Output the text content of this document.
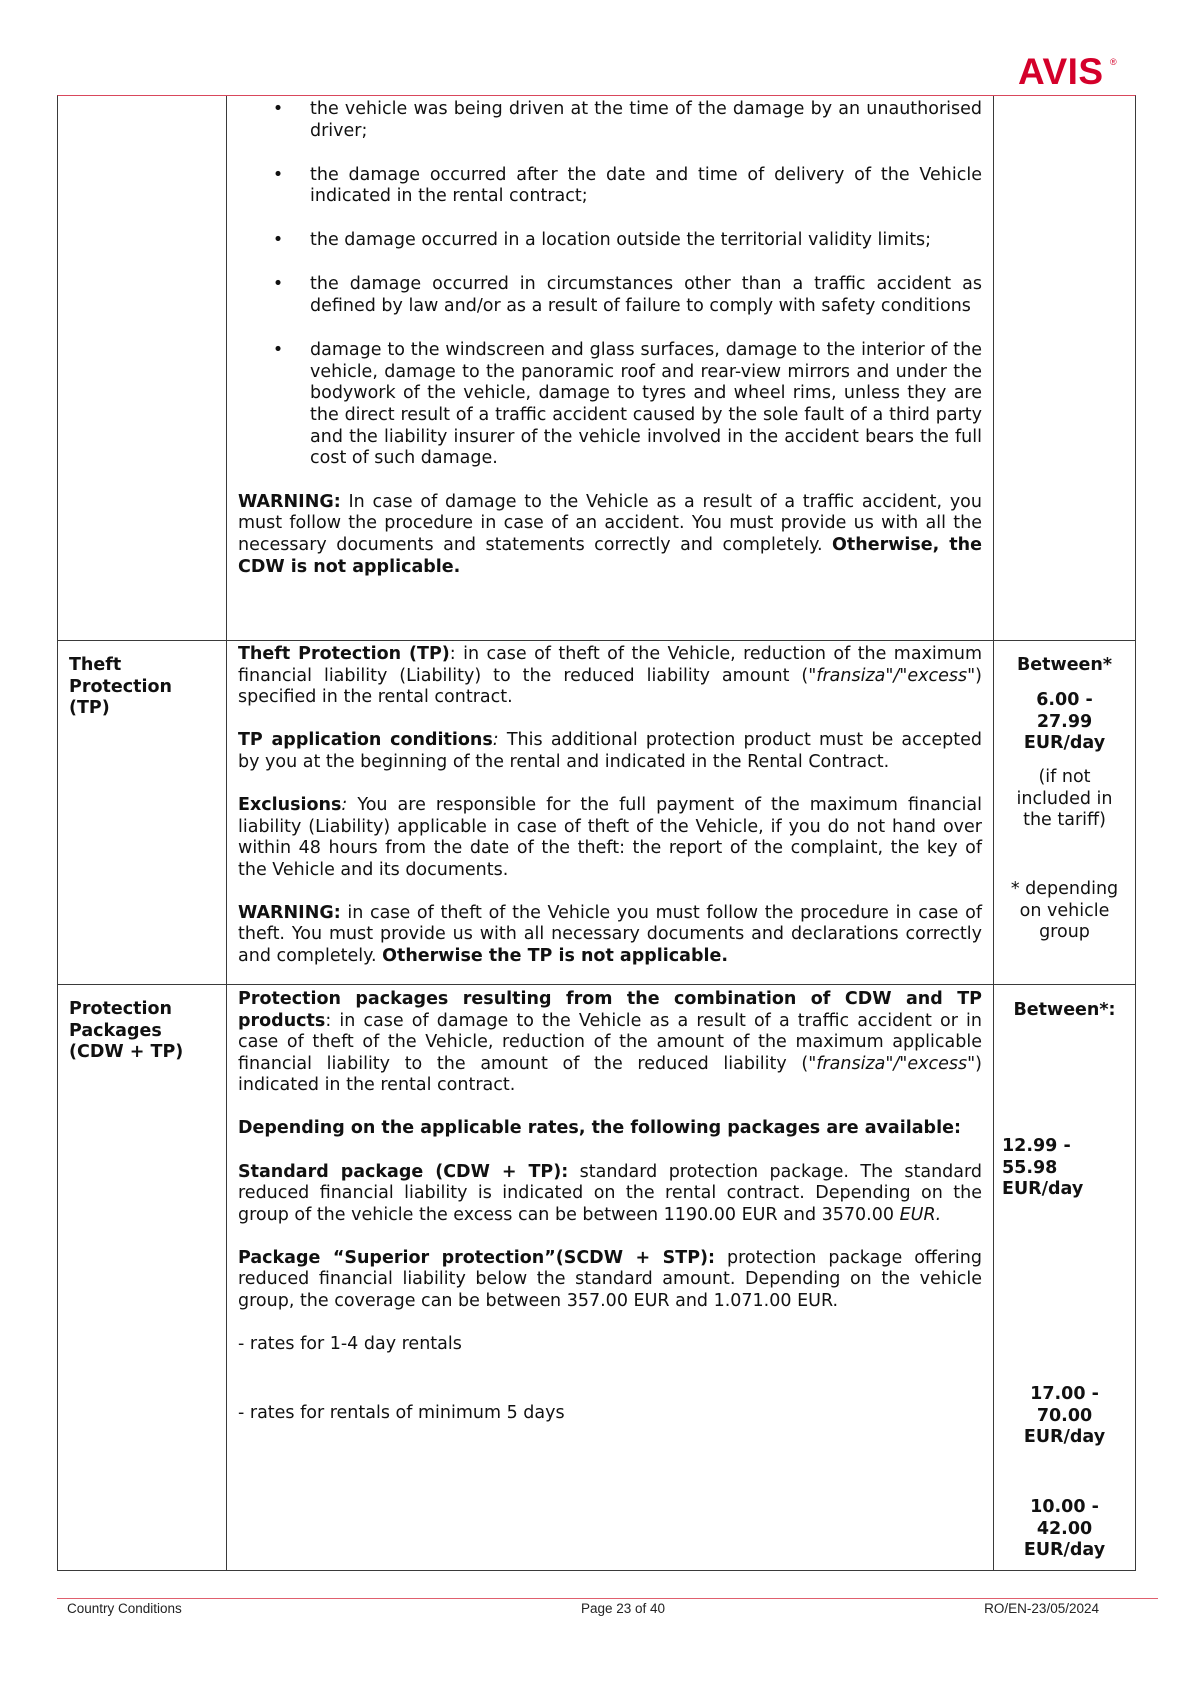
AVIS ®
• the vehicle was being driven at the time of the damage by an unauthorised driver;
• the damage occurred after the date and time of delivery of the Vehicle indicated in the rental contract;
• the damage occurred in a location outside the territorial validity limits;
• the damage occurred in circumstances other than a traffic accident as defined by law and/or as a result of failure to comply with safety conditions
• damage to the windscreen and glass surfaces, damage to the interior of the vehicle, damage to the panoramic roof and rear-view mirrors and under the bodywork of the vehicle, damage to tyres and wheel rims, unless they are the direct result of a traffic accident caused by the sole fault of a third party and the liability insurer of the vehicle involved in the accident bears the full cost of such damage.

WARNING: In case of damage to the Vehicle as a result of a traffic accident, you must follow the procedure in case of an accident. You must provide us with all the necessary documents and statements correctly and completely. Otherwise, the CDW is not applicable.

Theft Protection (TP)

Theft Protection (TP): in case of theft of the Vehicle, reduction of the maximum financial liability (Liability) to the reduced liability amount ("fransiza"/"excess") specified in the rental contract.

TP application conditions: This additional protection product must be accepted by you at the beginning of the rental and indicated in the Rental Contract.

Exclusions: You are responsible for the full payment of the maximum financial liability (Liability) applicable in case of theft of the Vehicle, if you do not hand over within 48 hours from the date of the theft: the report of the complaint, the key of the Vehicle and its documents.

WARNING: in case of theft of the Vehicle you must follow the procedure in case of theft. You must provide us with all necessary documents and declarations correctly and completely. Otherwise the TP is not applicable.

Between*
6.00 - 27.99 EUR/day
(if not included in the tariff)
* depending on vehicle group
Protection Packages (CDW + TP)

Protection packages resulting from the combination of CDW and TP products: in case of damage to the Vehicle as a result of a traffic accident or in case of theft of the Vehicle, reduction of the amount of the maximum applicable financial liability to the amount of the reduced liability ("fransiza"/"excess") indicated in the rental contract.

Depending on the applicable rates, the following packages are available:

Standard package (CDW + TP): standard protection package. The standard reduced financial liability is indicated on the rental contract. Depending on the group of the vehicle the excess can be between 1190.00 EUR and 3570.00 EUR.

Package “Superior protection”(SCDW + STP): protection package offering reduced financial liability below the standard amount. Depending on the vehicle group, the coverage can be between 357.00 EUR and 1.071.00 EUR.

- rates for 1-4 day rentals

- rates for rentals of minimum 5 days

Between*:
12.99 - 55.98 EUR/day
17.00 - 70.00 EUR/day
10.00 - 42.00 EUR/day
Country Conditions	Page 23 of 40	RO/EN-23/05/2024
